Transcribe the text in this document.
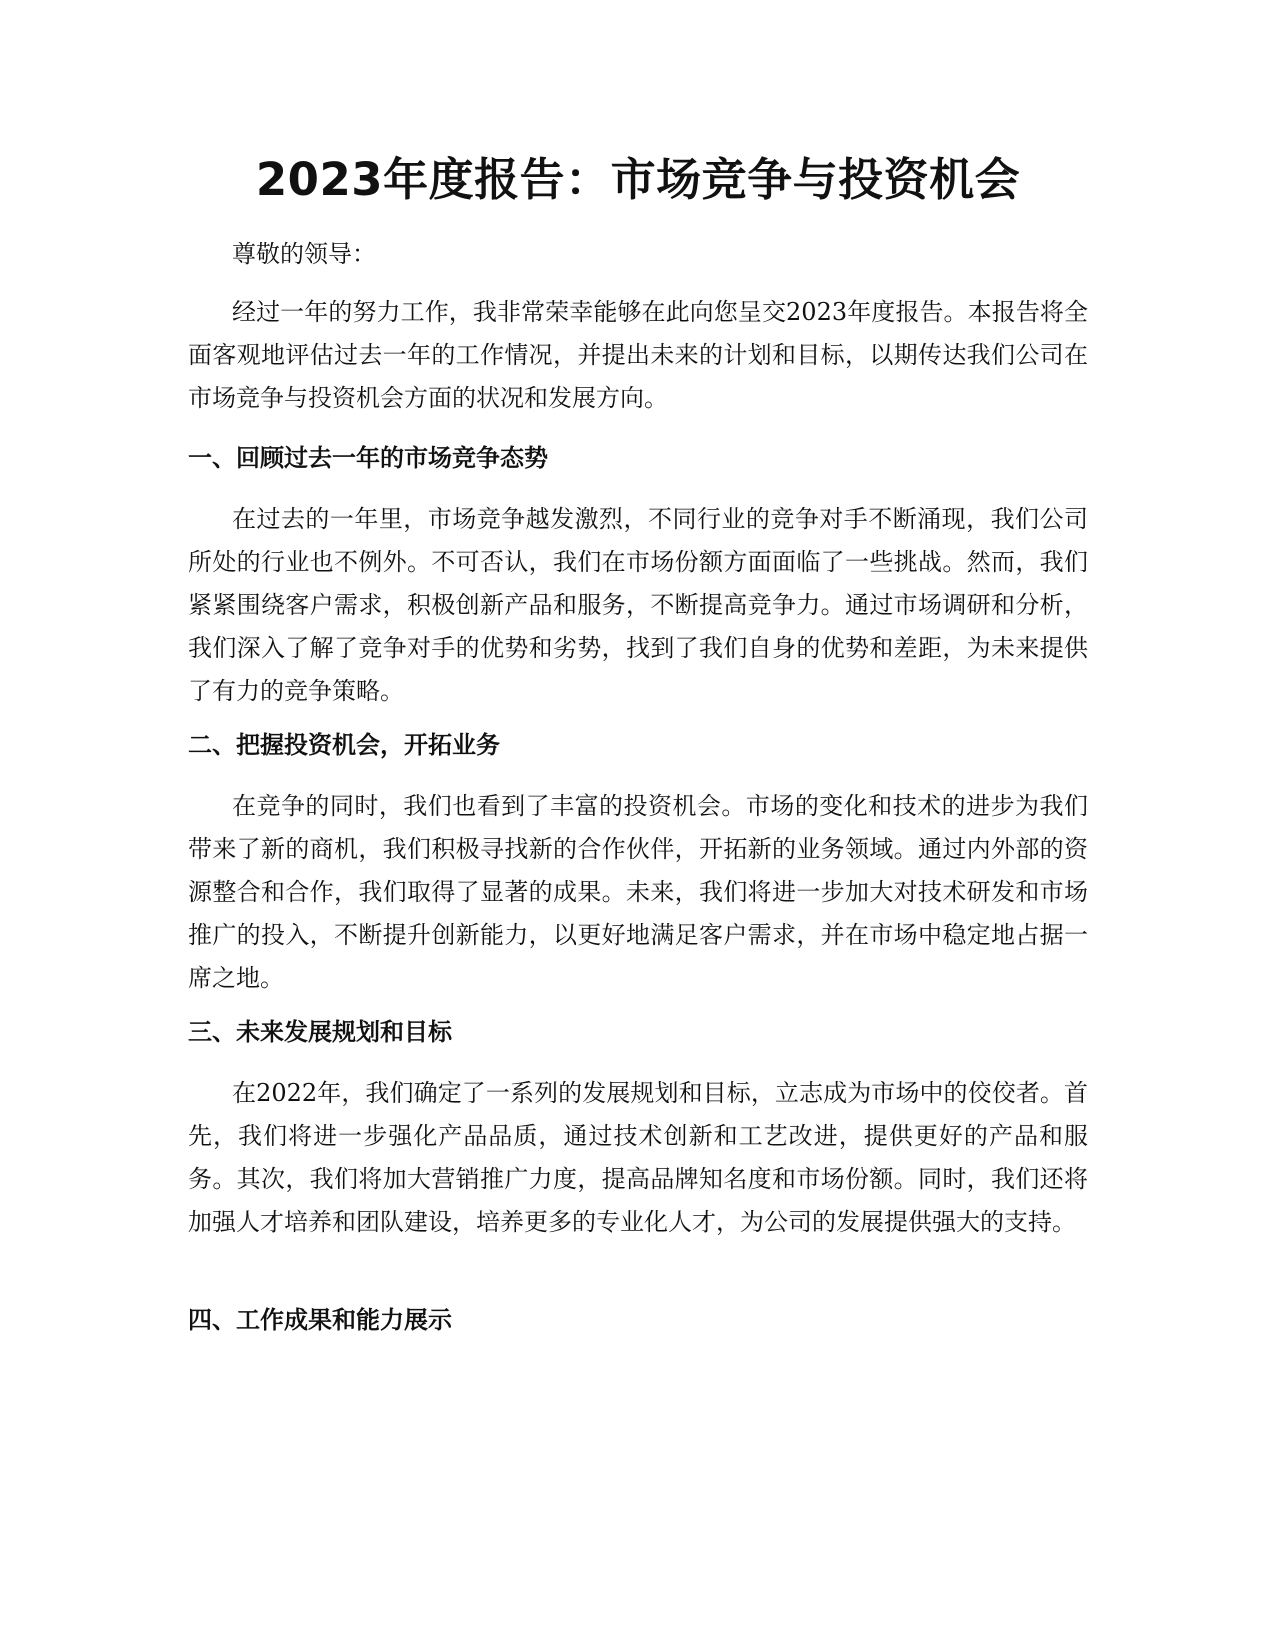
2023年度报告：市场竞争与投资机会

尊敬的领导：

经过一年的努力工作，我非常荣幸能够在此向您呈交2023年度报告。本报告将全面客观地评估过去一年的工作情况，并提出未来的计划和目标，以期传达我们公司在市场竞争与投资机会方面的状况和发展方向。

一、回顾过去一年的市场竞争态势

在过去的一年里，市场竞争越发激烈，不同行业的竞争对手不断涌现，我们公司所处的行业也不例外。不可否认，我们在市场份额方面面临了一些挑战。然而，我们紧紧围绕客户需求，积极创新产品和服务，不断提高竞争力。通过市场调研和分析，我们深入了解了竞争对手的优势和劣势，找到了我们自身的优势和差距，为未来提供了有力的竞争策略。

二、把握投资机会，开拓业务

在竞争的同时，我们也看到了丰富的投资机会。市场的变化和技术的进步为我们带来了新的商机，我们积极寻找新的合作伙伴，开拓新的业务领域。通过内外部的资源整合和合作，我们取得了显著的成果。未来，我们将进一步加大对技术研发和市场推广的投入，不断提升创新能力，以更好地满足客户需求，并在市场中稳定地占据一席之地。

三、未来发展规划和目标

在2022年，我们确定了一系列的发展规划和目标，立志成为市场中的佼佼者。首先，我们将进一步强化产品品质，通过技术创新和工艺改进，提供更好的产品和服务。其次，我们将加大营销推广力度，提高品牌知名度和市场份额。同时，我们还将加强人才培养和团队建设，培养更多的专业化人才，为公司的发展提供强大的支持。

四、工作成果和能力展示
